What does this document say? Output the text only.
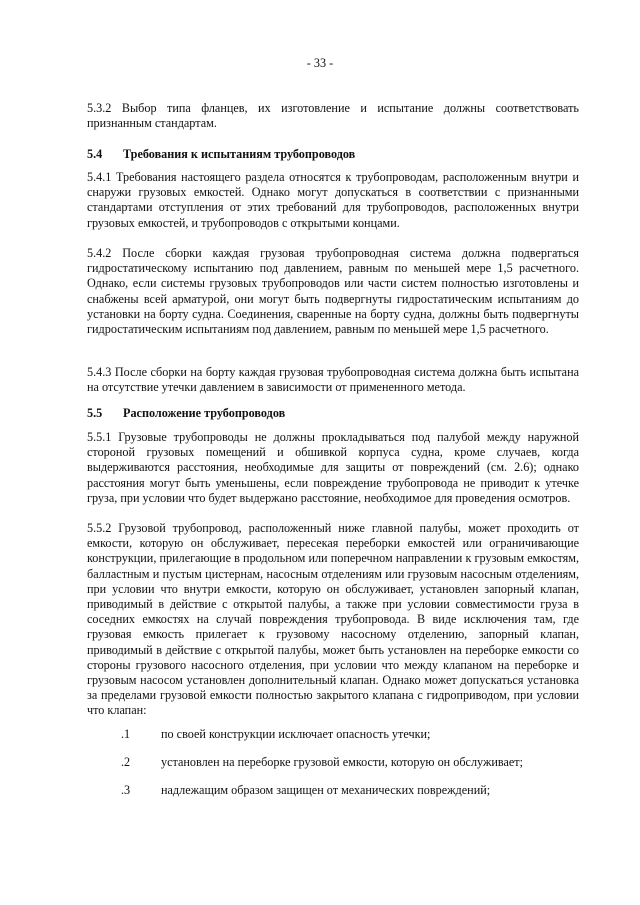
- 33 -

5.3.2 Выбор типа фланцев, их изготовление и испытание должны соответствовать признанным стандартам.

5.4 Требования к испытаниям трубопроводов

5.4.1 Требования настоящего раздела относятся к трубопроводам, расположенным внутри и снаружи грузовых емкостей. Однако могут допускаться в соответствии с признанными стандартами отступления от этих требований для трубопроводов, расположенных внутри грузовых емкостей, и трубопроводов с открытыми концами.

5.4.2 После сборки каждая грузовая трубопроводная система должна подвергаться гидростатическому испытанию под давлением, равным по меньшей мере 1,5 расчетного. Однако, если системы грузовых трубопроводов или части систем полностью изготовлены и снабжены всей арматурой, они могут быть подвергнуты гидростатическим испытаниям до установки на борту судна. Соединения, сваренные на борту судна, должны быть подвергнуты гидростатическим испытаниям под давлением, равным по меньшей мере 1,5 расчетного.

5.4.3 После сборки на борту каждая грузовая трубопроводная система должна быть испытана на отсутствие утечки давлением в зависимости от примененного метода.

5.5 Расположение трубопроводов

5.5.1 Грузовые трубопроводы не должны прокладываться под палубой между наружной стороной грузовых помещений и обшивкой корпуса судна, кроме случаев, когда выдерживаются расстояния, необходимые для защиты от повреждений (см. 2.6); однако расстояния могут быть уменьшены, если повреждение трубопровода не приводит к утечке груза, при условии что будет выдержано расстояние, необходимое для проведения осмотров.

5.5.2 Грузовой трубопровод, расположенный ниже главной палубы, может проходить от емкости, которую он обслуживает, пересекая переборки емкостей или ограничивающие конструкции, прилегающие в продольном или поперечном направлении к грузовым емкостям, балластным и пустым цистернам, насосным отделениям или грузовым насосным отделениям, при условии что внутри емкости, которую он обслуживает, установлен запорный клапан, приводимый в действие с открытой палубы, а также при условии совместимости груза в соседних емкостях на случай повреждения трубопровода. В виде исключения там, где грузовая емкость прилегает к грузовому насосному отделению, запорный клапан, приводимый в действие с открытой палубы, может быть установлен на переборке емкости со стороны грузового насосного отделения, при условии что между клапаном на переборке и грузовым насосом установлен дополнительный клапан. Однако может допускаться установка за пределами грузовой емкости полностью закрытого клапана с гидроприводом, при условии что клапан:

.1	по своей конструкции исключает опасность утечки;
.2	установлен на переборке грузовой емкости, которую он обслуживает;
.3	надлежащим образом защищен от механических повреждений;
